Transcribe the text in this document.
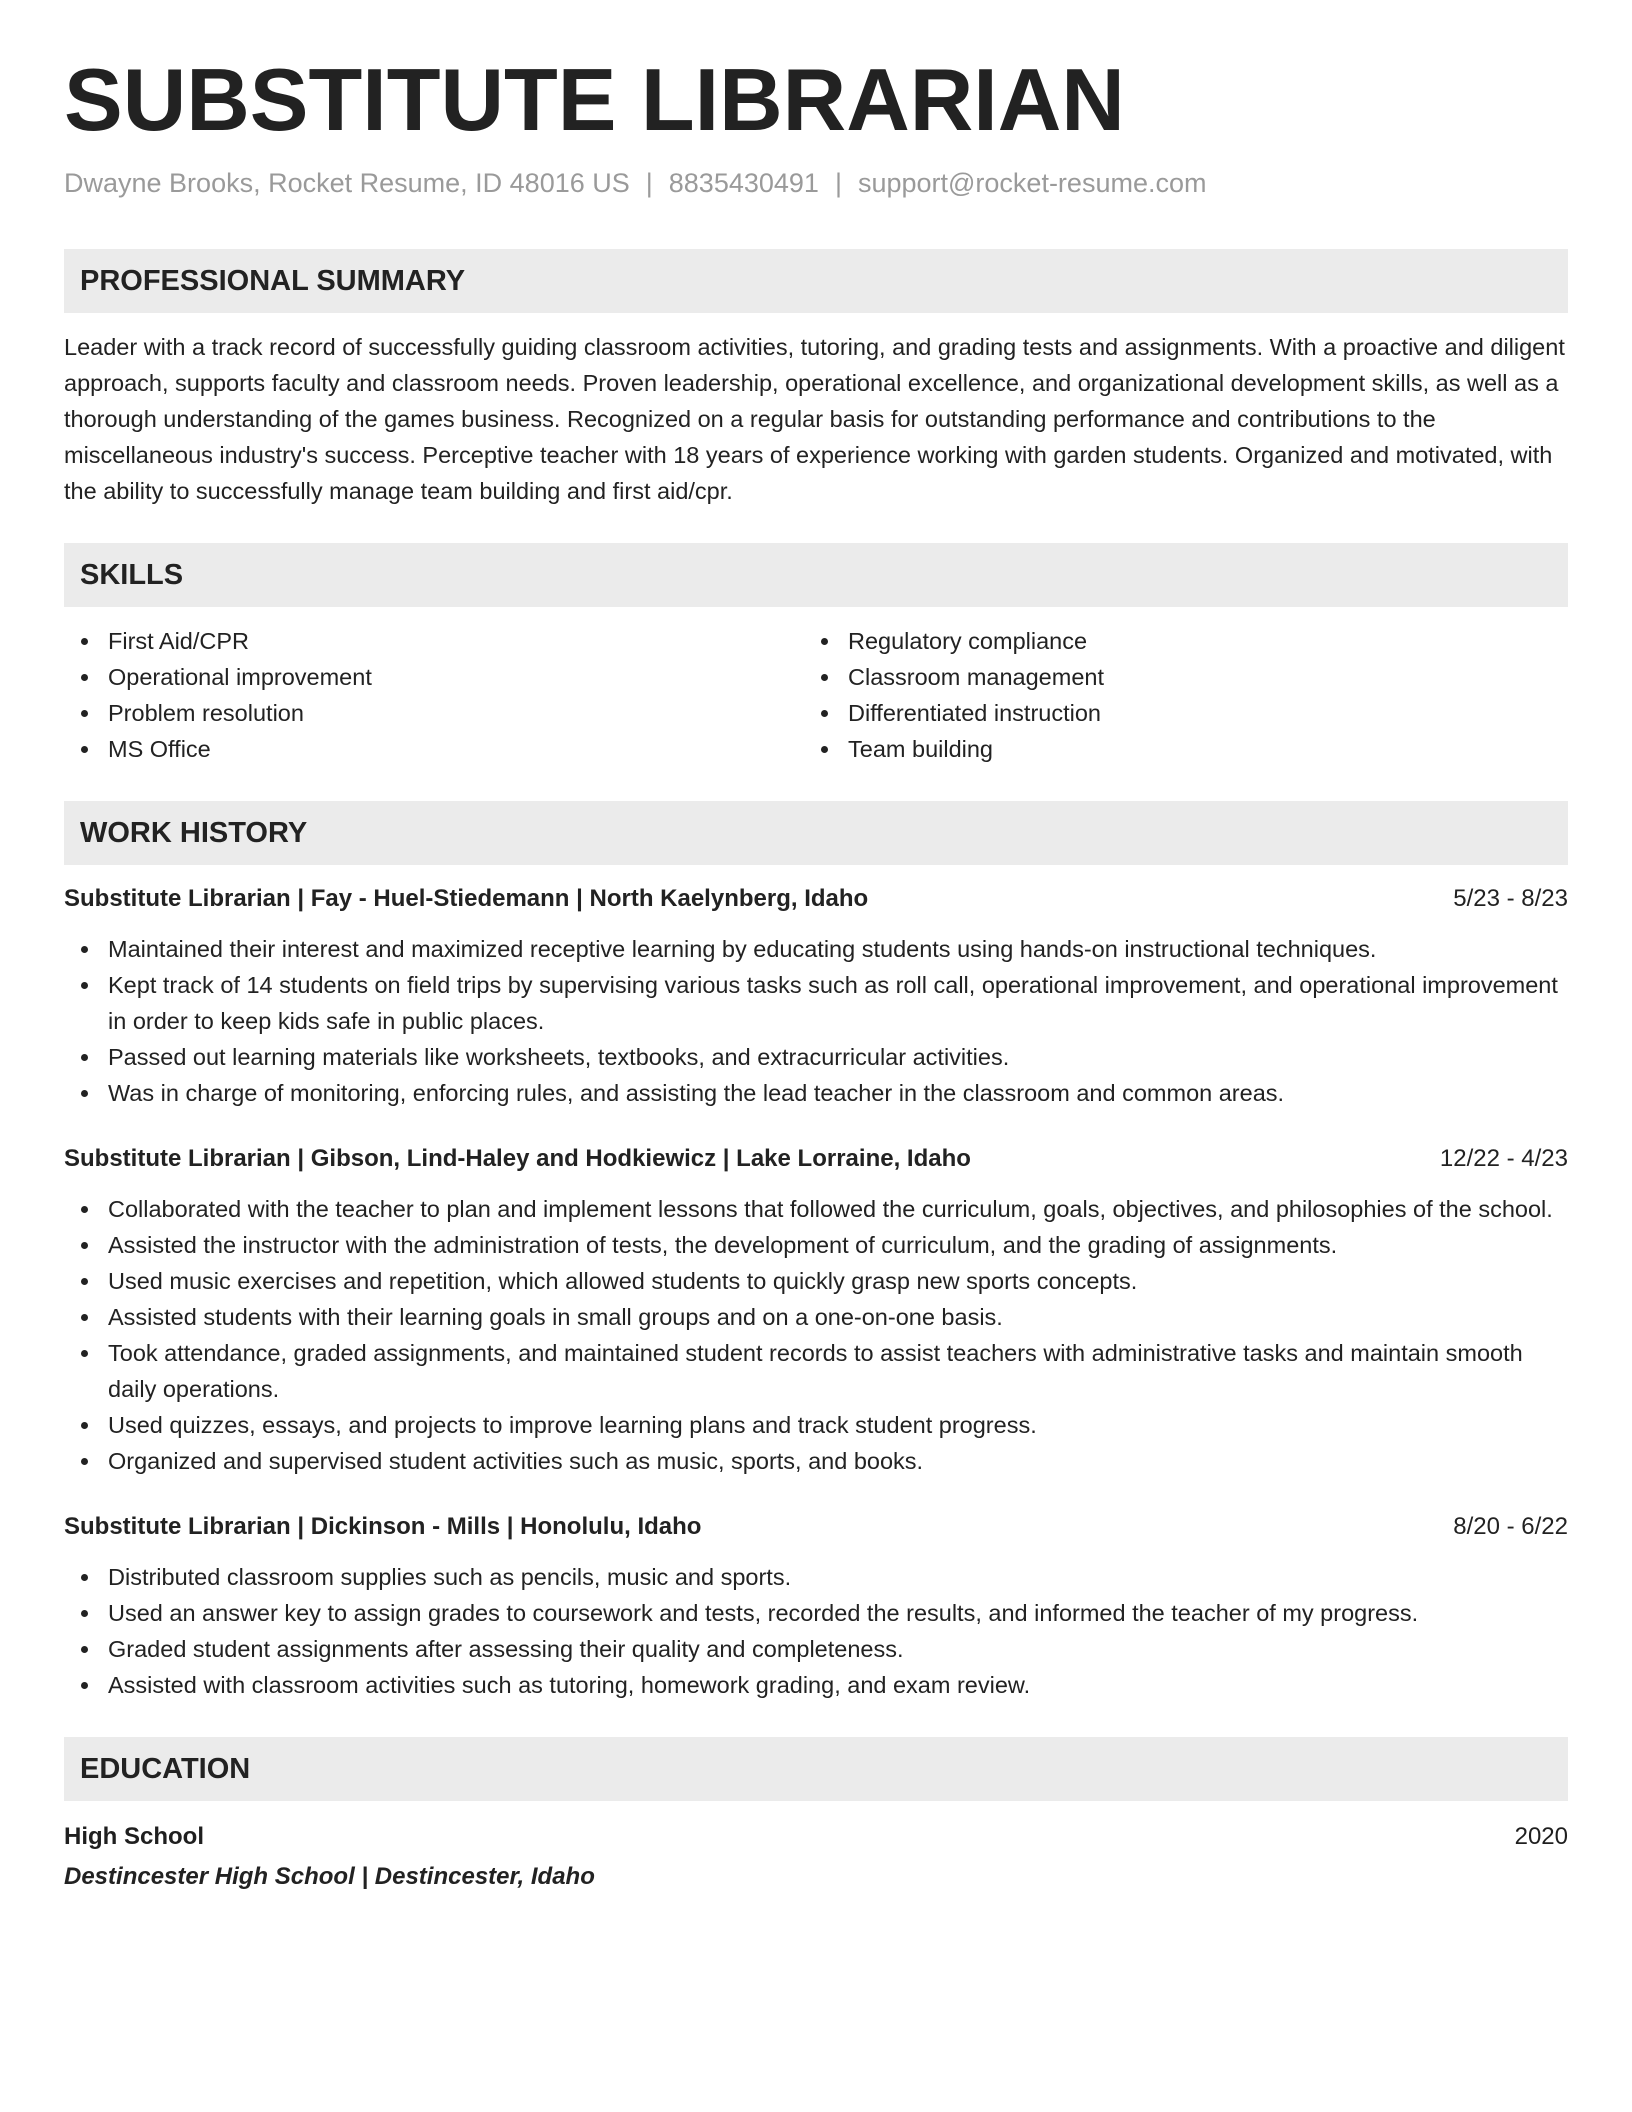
SUBSTITUTE LIBRARIAN
Dwayne Brooks, Rocket Resume, ID 48016 US | 8835430491 | support@rocket-resume.com
PROFESSIONAL SUMMARY
Leader with a track record of successfully guiding classroom activities, tutoring, and grading tests and assignments. With a proactive and diligent approach, supports faculty and classroom needs. Proven leadership, operational excellence, and organizational development skills, as well as a thorough understanding of the games business. Recognized on a regular basis for outstanding performance and contributions to the miscellaneous industry's success. Perceptive teacher with 18 years of experience working with garden students. Organized and motivated, with the ability to successfully manage team building and first aid/cpr.
SKILLS
First Aid/CPR
Operational improvement
Problem resolution
MS Office
Regulatory compliance
Classroom management
Differentiated instruction
Team building
WORK HISTORY
Substitute Librarian | Fay - Huel-Stiedemann | North Kaelynberg, Idaho	5/23 - 8/23
Maintained their interest and maximized receptive learning by educating students using hands-on instructional techniques.
Kept track of 14 students on field trips by supervising various tasks such as roll call, operational improvement, and operational improvement in order to keep kids safe in public places.
Passed out learning materials like worksheets, textbooks, and extracurricular activities.
Was in charge of monitoring, enforcing rules, and assisting the lead teacher in the classroom and common areas.
Substitute Librarian | Gibson, Lind-Haley and Hodkiewicz | Lake Lorraine, Idaho	12/22 - 4/23
Collaborated with the teacher to plan and implement lessons that followed the curriculum, goals, objectives, and philosophies of the school.
Assisted the instructor with the administration of tests, the development of curriculum, and the grading of assignments.
Used music exercises and repetition, which allowed students to quickly grasp new sports concepts.
Assisted students with their learning goals in small groups and on a one-on-one basis.
Took attendance, graded assignments, and maintained student records to assist teachers with administrative tasks and maintain smooth daily operations.
Used quizzes, essays, and projects to improve learning plans and track student progress.
Organized and supervised student activities such as music, sports, and books.
Substitute Librarian | Dickinson - Mills | Honolulu, Idaho	8/20 - 6/22
Distributed classroom supplies such as pencils, music and sports.
Used an answer key to assign grades to coursework and tests, recorded the results, and informed the teacher of my progress.
Graded student assignments after assessing their quality and completeness.
Assisted with classroom activities such as tutoring, homework grading, and exam review.
EDUCATION
High School	2020
Destincester High School | Destincester, Idaho
